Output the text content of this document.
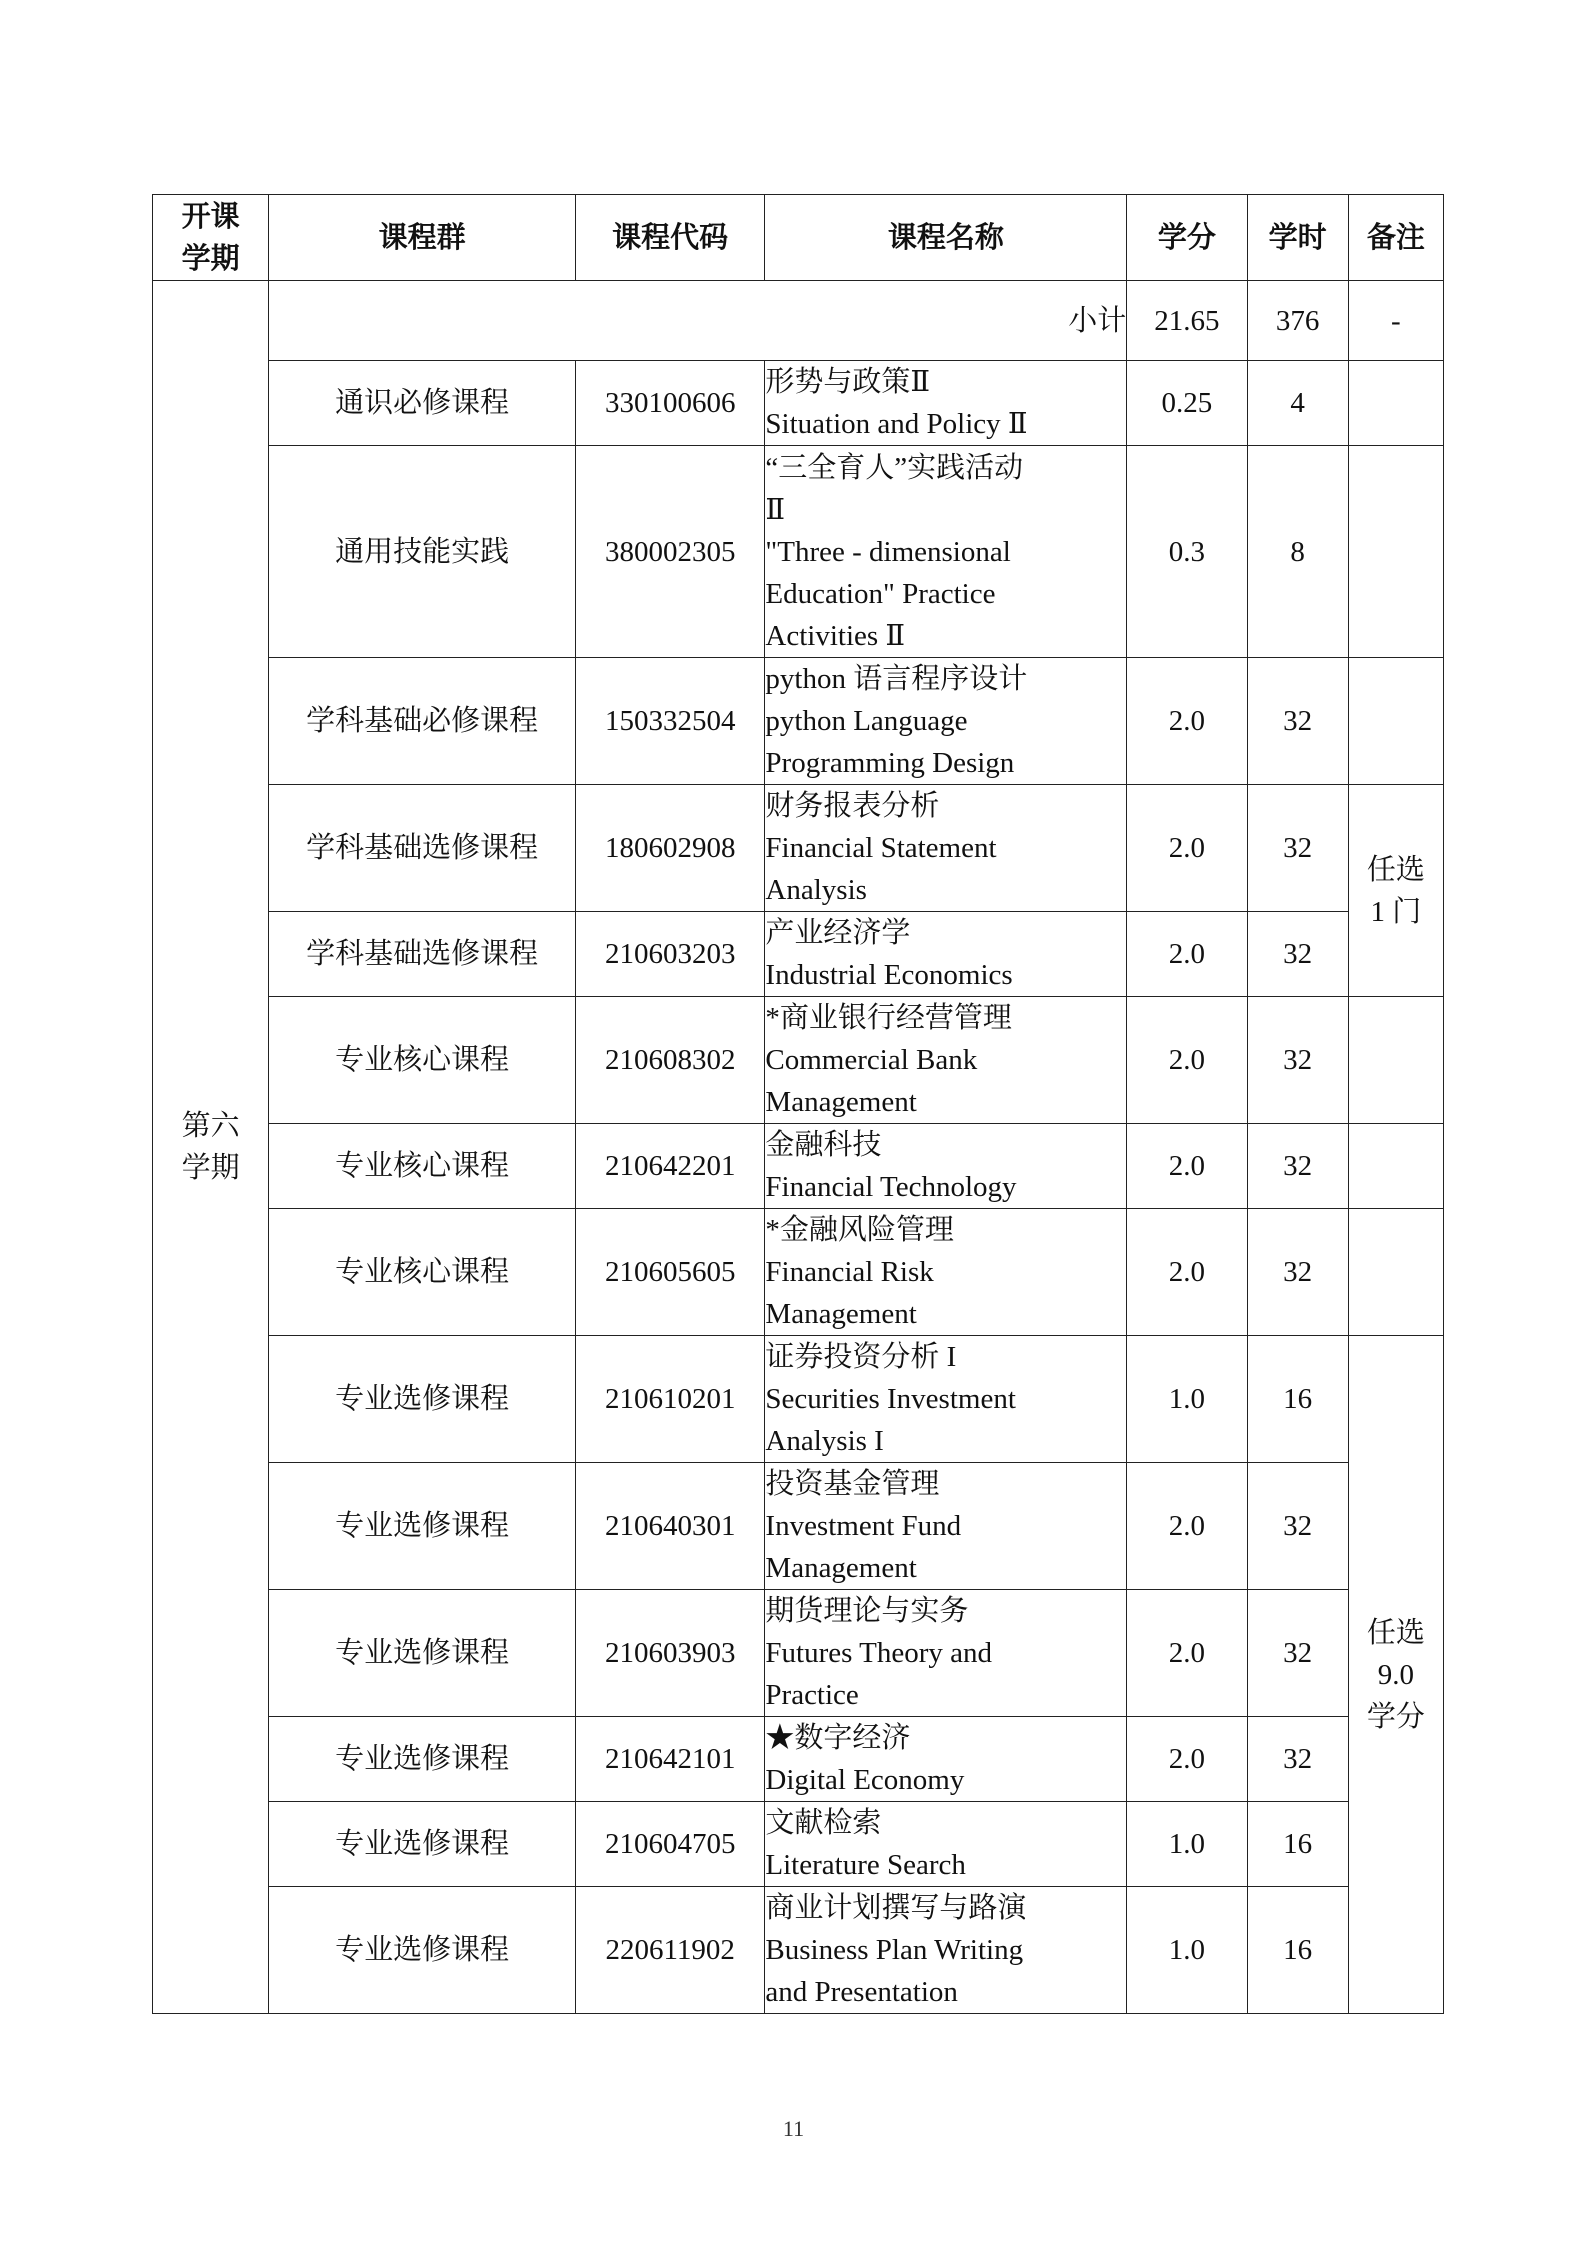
开课学期	课程群	课程代码	课程名称	学分	学时	备注

第六
学期	小计			21.65	376	-
	通识必修课程	330100606	形势与政策Ⅱ
Situation and Policy Ⅱ	0.25	4	
	通用技能实践	380002305	“三全育人”实践活动
Ⅱ
"Three - dimensional
Education" Practice
Activities Ⅱ	0.3	8	
	学科基础必修课程	150332504	python 语言程序设计
python Language
Programming Design	2.0	32	
	学科基础选修课程	180602908	财务报表分析
Financial Statement
Analysis	2.0	32	任选
1 门

	学科基础选修课程	210603203	产业经济学
Industrial Economics	2.0	32	
	专业核心课程	210608302	*商业银行经营管理
Commercial Bank
Management	2.0	32	
	专业核心课程	210642201	金融科技
Financial Technology	2.0	32	
	专业核心课程	210605605	*金融风险管理
Financial Risk
Management	2.0	32	
	专业选修课程	210610201	证券投资分析 I
Securities Investment
Analysis I	1.0	16	任选
9.0
学分

	专业选修课程	210640301	投资基金管理
Investment Fund
Management	2.0	32	
	专业选修课程	210603903	期货理论与实务
Futures Theory and
Practice	2.0	32	
	专业选修课程	210642101	★数字经济
Digital Economy	2.0	32	
	专业选修课程	210604705	文献检索
Literature Search	1.0	16	
	专业选修课程	220611902	商业计划撰写与路演
Business Plan Writing
and Presentation	1.0	16	
11
